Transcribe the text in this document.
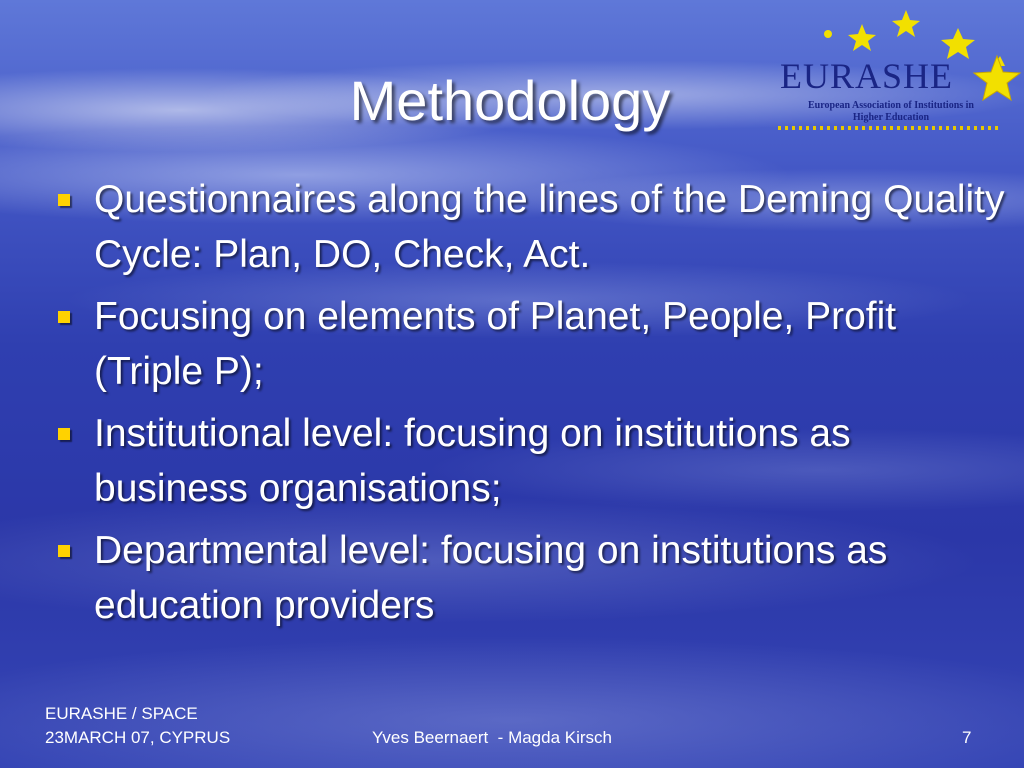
EURASHE
European Association of Institutions in
Higher Education
Methodology
Questionnaires along the lines of the Deming Quality Cycle: Plan, DO, Check, Act.
Focusing on elements of Planet, People, Profit (Triple P);
Institutional level: focusing on institutions as business organisations;
Departmental level: focusing on institutions as education providers
EURASHE / SPACE
23MARCH 07, CYPRUS	Yves Beernaert  - Magda Kirsch	7
